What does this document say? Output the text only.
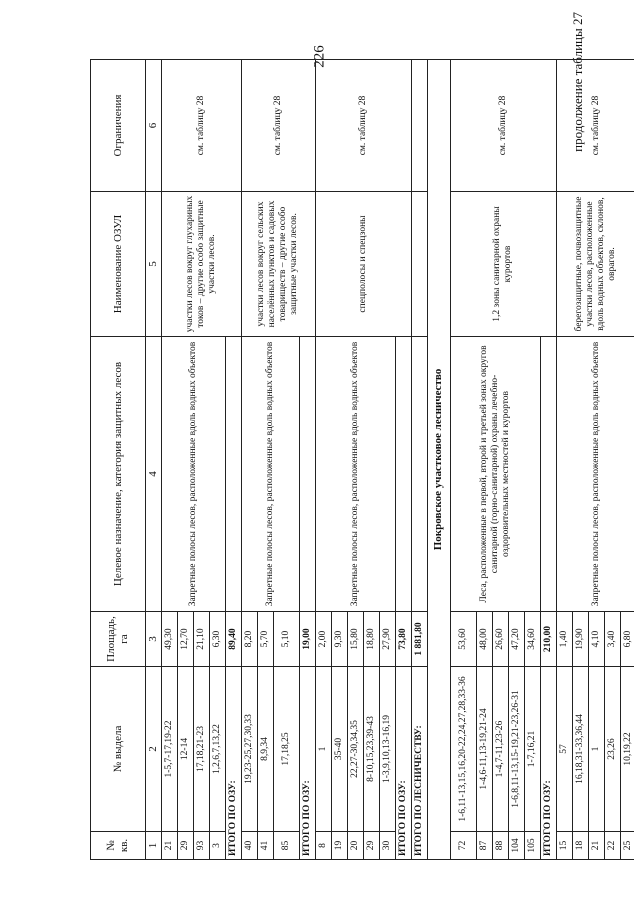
226	продолжение таблицы 27
№ кв.	№ выдела	Площадь, га	Целевое назначение, категория защитных лесов	Наименование ОЗУЛ	Ограничения
1	2	3	4	5	6
21	1-5,7-17,19-22	49,30	Запретные полосы лесов, расположенные вдоль водных объектов	участки лесов вокруг глухариных токов – другие особо защитные участки лесов.	см. таблицу 28
29	12-14	12,70			
93	17,18,21-23	21,10			
3	1,2,6,7,13,22	6,30			
ИТОГО ПО ОЗУ:		89,40			
40	19,23-25,27,30,33	8,20	Запретные полосы лесов, расположенные вдоль водных объектов	участки лесов вокруг сельских населённых пунктов и садовых товариществ – другие особо защитные участки лесов.	см. таблицу 28
41	8,9,34	5,70			
85	17,18,25	5,10			
ИТОГО ПО ОЗУ:		19,00			
8	1	2,00	Запретные полосы лесов, расположенные вдоль водных объектов	спецполосы и спецзоны	см. таблицу 28
19	35-40	9,30			
20	22,27-30,34,35	15,80			
29	8-10,15,23,39-43	18,80			
30	1-3,9,10,13-16,19	27,90			
ИТОГО ПО ОЗУ:		73,80			
ИТОГО ПО ЛЕСНИЧЕСТВУ:		1 881,80			
Покровское участковое лесничество					
72	1-6,11-13,15,16,20-22,24,27,28,33-36	53,60	Леса, расположенные в первой, второй и третьей зонах округов санитарной (горно-санитарной) охраны лечебно-оздоровительных местностей и курортов	1,2 зоны санитарной охраны курортов	см. таблицу 28
87	1-4,6-11,13-19,21-24	48,00			
88	1-4,7-11,23-26	26,60			
104	1-6,8,11-13,15-19,21-23,26-31	47,20			
105	1-7,16,21	34,60			
ИТОГО ПО ОЗУ:		210,00			
15	57	1,40	Запретные полосы лесов, расположенные вдоль водных объектов	берегозащитные, почвозащитные участки лесов, расположенные вдоль водных объектов, склонов, оврагов.	см. таблицу 28
18	16,18,31-33,36,44	19,90			
21	1	4,10			
22	23,26	3,40			
25	10,19,22	6,80			
